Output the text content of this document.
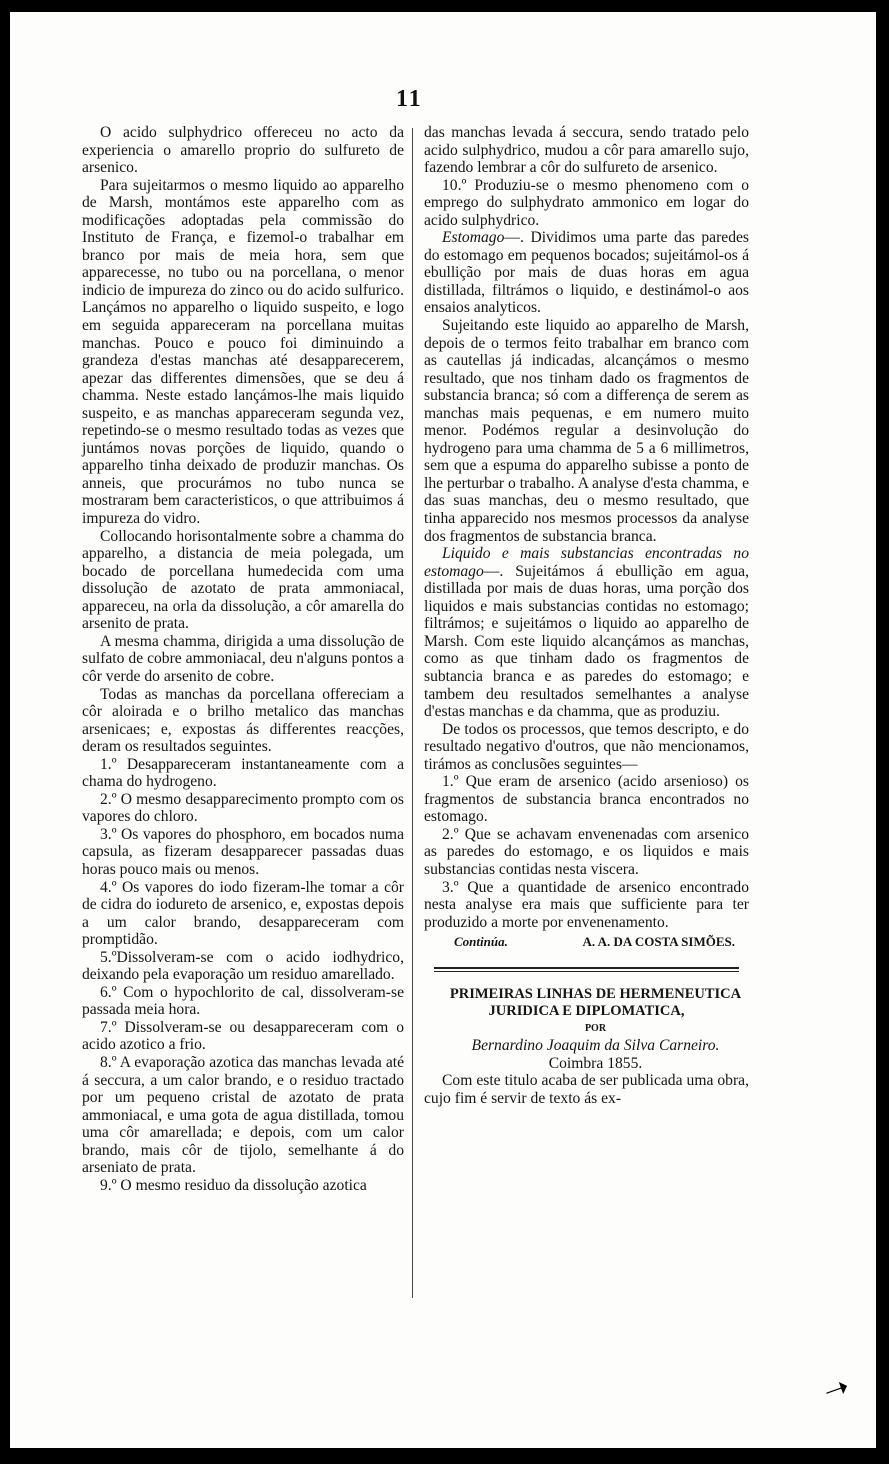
11

O acido sulphydrico offereceu no acto da experiencia o amarello proprio do sulfureto de arsenico.

Para sujeitarmos o mesmo liquido ao apparelho de Marsh, montámos este apparelho com as modificações adoptadas pela commissão do Instituto de França, e fizemol-o trabalhar em branco por mais de meia hora, sem que apparecesse, no tubo ou na porcellana, o menor indicio de impureza do zinco ou do acido sulfurico. Lançámos no apparelho o liquido suspeito, e logo em seguida appareceram na porcellana muitas manchas. Pouco e pouco foi diminuindo a grandeza d'estas manchas até desapparecerem, apezar das differentes dimensões, que se deu á chamma. Neste estado lançámos-lhe mais liquido suspeito, e as manchas appareceram segunda vez, repetindo-se o mesmo resultado todas as vezes que juntámos novas porções de liquido, quando o apparelho tinha deixado de produzir manchas. Os anneis, que procurámos no tubo nunca se mostraram bem caracteristicos, o que attribuimos á impureza do vidro.

Collocando horisontalmente sobre a chamma do apparelho, a distancia de meia polegada, um bocado de porcellana humedecida com uma dissolução de azotato de prata ammoniacal, appareceu, na orla da dissolução, a côr amarella do arsenito de prata.

A mesma chamma, dirigida a uma dissolução de sulfato de cobre ammoniacal, deu n'alguns pontos a côr verde do arsenito de cobre.

Todas as manchas da porcellana offereciam a côr aloirada e o brilho metalico das manchas arsenicaes; e, expostas ás differentes reacções, deram os resultados seguintes.

1.º Desappareceram instantaneamente com a chama do hydrogeno.

2.º O mesmo desapparecimento prompto com os vapores do chloro.

3.º Os vapores do phosphoro, em bocados numa capsula, as fizeram desapparecer passadas duas horas pouco mais ou menos.

4.º Os vapores do iodo fizeram-lhe tomar a côr de cidra do iodureto de arsenico, e, expostas depois a um calor brando, desappareceram com promptidão.

5.ºDissolveram-se com o acido iodhydrico, deixando pela evaporação um residuo amarellado.

6.º Com o hypochlorito de cal, dissolveram-se passada meia hora.

7.º Dissolveram-se ou desappareceram com o acido azotico a frio.

8.º A evaporação azotica das manchas levada até á seccura, a um calor brando, e o residuo tractado por um pequeno cristal de azotato de prata ammoniacal, e uma gota de agua distillada, tomou uma côr amarellada; e depois, com um calor brando, mais côr de tijolo, semelhante á do arseniato de prata.

9.º O mesmo residuo da dissolução azotica

das manchas levada á seccura, sendo tratado pelo acido sulphydrico, mudou a côr para amarello sujo, fazendo lembrar a côr do sulfureto de arsenico.

10.º Produziu-se o mesmo phenomeno com o emprego do sulphydrato ammonico em logar do acido sulphydrico.

Estomago—. Dividimos uma parte das paredes do estomago em pequenos bocados; sujeitámol-os á ebullição por mais de duas horas em agua distillada, filtrámos o liquido, e destinámol-o aos ensaios analyticos.

Sujeitando este liquido ao apparelho de Marsh, depois de o termos feito trabalhar em branco com as cautellas já indicadas, alcançámos o mesmo resultado, que nos tinham dado os fragmentos de substancia branca; só com a differença de serem as manchas mais pequenas, e em numero muito menor. Podémos regular a desinvolução do hydrogeno para uma chamma de 5 a 6 millimetros, sem que a espuma do apparelho subisse a ponto de lhe perturbar o trabalho. A analyse d'esta chamma, e das suas manchas, deu o mesmo resultado, que tinha apparecido nos mesmos processos da analyse dos fragmentos de substancia branca.

Liquido e mais substancias encontradas no estomago—. Sujeitámos á ebullição em agua, distillada por mais de duas horas, uma porção dos liquidos e mais substancias contidas no estomago; filtrámos; e sujeitámos o liquido ao apparelho de Marsh. Com este liquido alcançámos as manchas, como as que tinham dado os fragmentos de subtancia branca e as paredes do estomago; e tambem deu resultados semelhantes a analyse d'estas manchas e da chamma, que as produziu.

De todos os processos, que temos descripto, e do resultado negativo d'outros, que não mencionamos, tirámos as conclusões seguintes—

1.º Que eram de arsenico (acido arsenioso) os fragmentos de substancia branca encontrados no estomago.

2.º Que se achavam envenenadas com arsenico as paredes do estomago, e os liquidos e mais substancias contidas nesta viscera.

3.º Que a quantidade de arsenico encontrado nesta analyse era mais que sufficiente para ter produzido a morte por envenenamento.

Continúa.	A. A. DA COSTA SIMÕES.

PRIMEIRAS LINHAS DE HERMENEUTICA
JURIDICA E DIPLOMATICA,

POR

Bernardino Joaquim da Silva Carneiro.

Coimbra 1855.

Com este titulo acaba de ser publicada uma obra, cujo fim é servir de texto ás ex-

➝
